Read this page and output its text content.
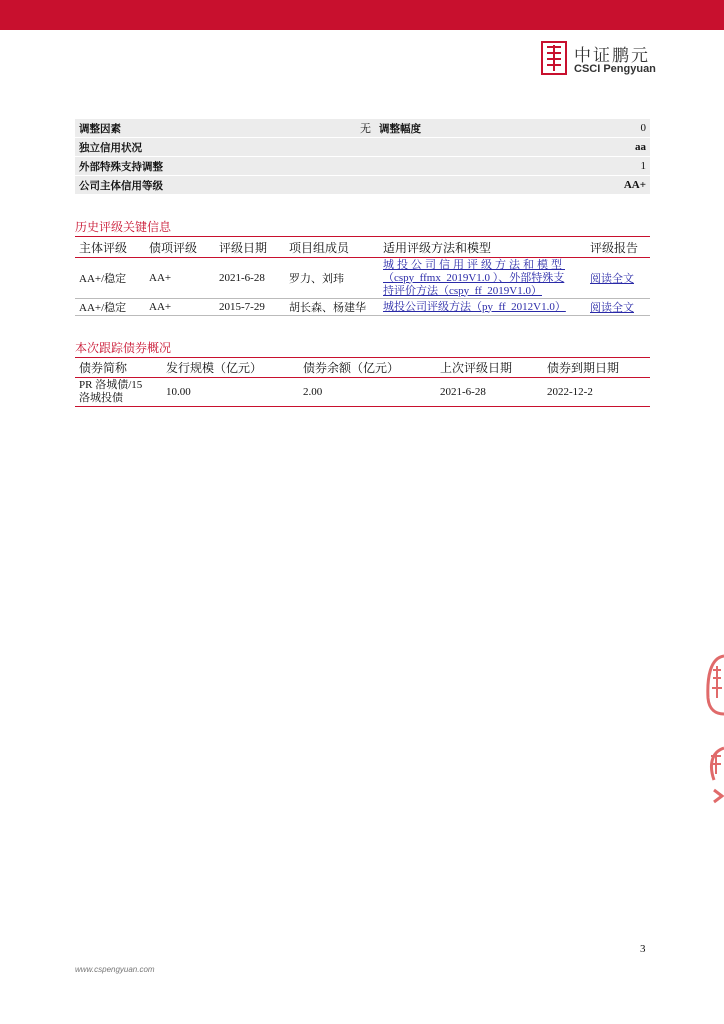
中证鹏元
CSCI Pengyuan
调整因素	无	调整幅度	0
独立信用状况		aa	
外部特殊支持调整		1	
公司主体信用等级		AA+	
历史评级关键信息
主体评级	债项评级	评级日期	项目组成员	适用评级方法和模型	评级报告
AA+/稳定	AA+	2021-6-28	罗力、刘玮	城投公司信用评级方法和模型
（cspy_ffmx_2019V1.0 ）、外部特殊支
持评价方法（cspy_ff_2019V1.0）	阅读全文
AA+/稳定	AA+	2015-7-29	胡长森、杨建华	城投公司评级方法（py_ff_2012V1.0）	阅读全文
本次跟踪债券概况
债券简称	发行规模（亿元）	债券余额（亿元）	上次评级日期	债券到期日期

PR 洛城债/15
洛城投债	10.00	2.00	2021-6-28	2022-12-2
3
www.cspengyuan.com
